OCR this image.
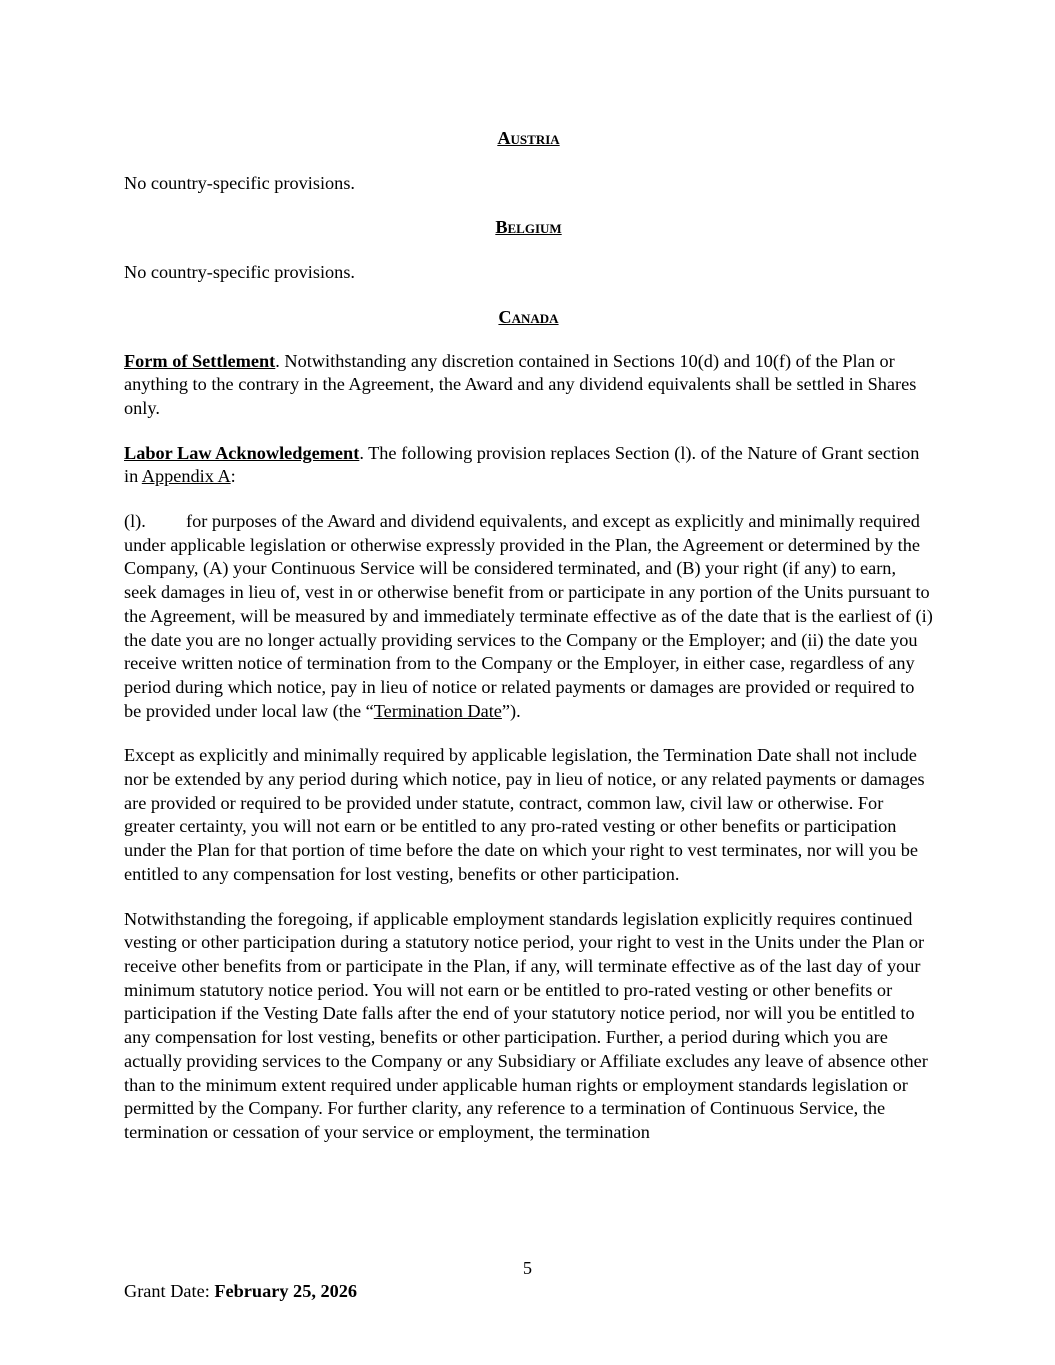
Austria

No country-specific provisions.

Belgium

No country-specific provisions.

Canada

Form of Settlement. Notwithstanding any discretion contained in Sections 10(d) and 10(f) of the Plan or anything to the contrary in the Agreement, the Award and any dividend equivalents shall be settled in Shares only.

Labor Law Acknowledgement. The following provision replaces Section (l). of the Nature of Grant section in Appendix A:

(l). for purposes of the Award and dividend equivalents, and except as explicitly and minimally required under applicable legislation or otherwise expressly provided in the Plan, the Agreement or determined by the Company, (A) your Continuous Service will be considered terminated, and (B) your right (if any) to earn, seek damages in lieu of, vest in or otherwise benefit from or participate in any portion of the Units pursuant to the Agreement, will be measured by and immediately terminate effective as of the date that is the earliest of (i) the date you are no longer actually providing services to the Company or the Employer; and (ii) the date you receive written notice of termination from to the Company or the Employer, in either case, regardless of any period during which notice, pay in lieu of notice or related payments or damages are provided or required to be provided under local law (the “Termination Date”).

Except as explicitly and minimally required by applicable legislation, the Termination Date shall not include nor be extended by any period during which notice, pay in lieu of notice, or any related payments or damages are provided or required to be provided under statute, contract, common law, civil law or otherwise. For greater certainty, you will not earn or be entitled to any pro-rated vesting or other benefits or participation under the Plan for that portion of time before the date on which your right to vest terminates, nor will you be entitled to any compensation for lost vesting, benefits or other participation.

Notwithstanding the foregoing, if applicable employment standards legislation explicitly requires continued vesting or other participation during a statutory notice period, your right to vest in the Units under the Plan or receive other benefits from or participate in the Plan, if any, will terminate effective as of the last day of your minimum statutory notice period. You will not earn or be entitled to pro-rated vesting or other benefits or participation if the Vesting Date falls after the end of your statutory notice period, nor will you be entitled to any compensation for lost vesting, benefits or other participation. Further, a period during which you are actually providing services to the Company or any Subsidiary or Affiliate excludes any leave of absence other than to the minimum extent required under applicable human rights or employment standards legislation or permitted by the Company. For further clarity, any reference to a termination of Continuous Service, the termination or cessation of your service or employment, the termination

5
Grant Date: February 25, 2026
